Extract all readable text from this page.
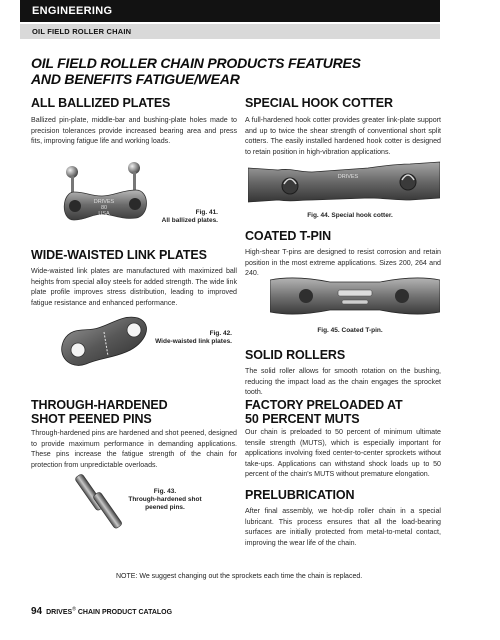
ENGINEERING
OIL FIELD ROLLER CHAIN
OIL FIELD ROLLER CHAIN PRODUCTS FEATURES
AND BENEFITS FATIGUE/WEAR
ALL BALLIZED PLATES
Ballized pin-plate, middle-bar and bushing-plate holes made to precision tolerances provide increased bearing area and press fits, improving fatigue life and working loads.
DRIVES
80
USA	Fig. 41.
All ballized plates.
WIDE-WAISTED LINK PLATES
Wide-waisted link plates are manufactured with maximized ball heights from special alloy steels for added strength. The wide link plate profile improves stress distribution, leading to improved fatigue resistance and enhanced performance.
Fig. 42.
Wide-waisted link plates.
THROUGH-HARDENED
SHOT PEENED PINS
Through-hardened pins are hardened and shot peened, designed to provide maximum performance in demanding applications. These pins increase the fatigue strength of the chain for protection from unpredictable overloads.
Fig. 43.
Through-hardened shot
peened pins.
SPECIAL HOOK COTTER
A full-hardened hook cotter provides greater link-plate support and up to twice the shear strength of conventional short split cotters. The easily installed hardened hook cotter is designed to retain position in high-vibration applications.
DRIVES
Fig. 44. Special hook cotter.
COATED T-PIN
High-shear T-pins are designed to resist corrosion and retain position in the most extreme applications. Sizes 200, 264 and 240.
Fig. 45. Coated T-pin.
SOLID ROLLERS
The solid roller allows for smooth rotation on the bushing, reducing the impact load as the chain engages the sprocket tooth.
FACTORY PRELOADED AT
50 PERCENT MUTS
Our chain is preloaded to 50 percent of minimum ultimate tensile strength (MUTS), which is especially important for applications involving fixed center-to-center sprockets without take-ups. Applications can withstand shock loads up to 50 percent of the chain's MUTS without premature elongation.
PRELUBRICATION
After final assembly, we hot-dip roller chain in a special lubricant. This process ensures that all the load-bearing surfaces are initially protected from metal-to-metal contact, improving the wear life of the chain.
NOTE: We suggest changing out the sprockets each time the chain is replaced.
94 DRIVES® CHAIN PRODUCT CATALOG
